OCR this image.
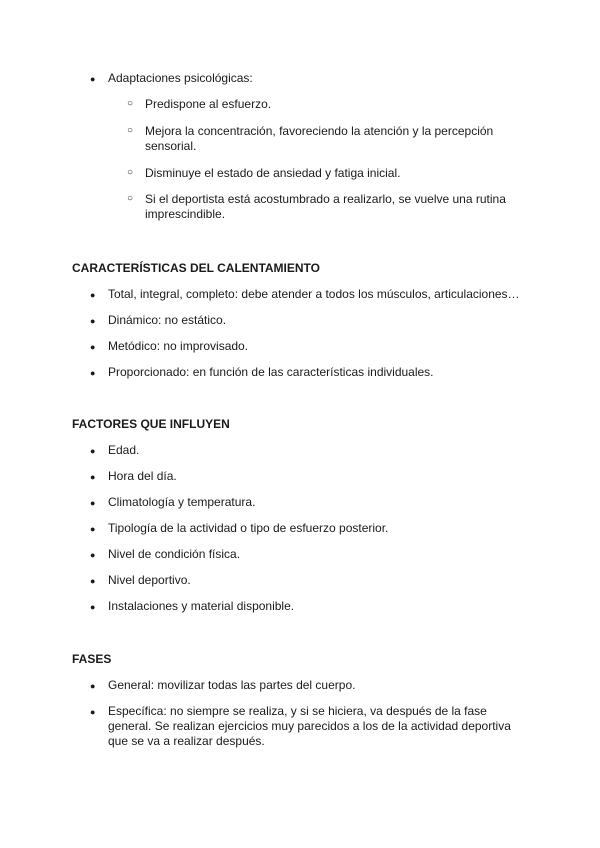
● Adaptaciones psicológicas:
○ Predispone al esfuerzo.
○ Mejora la concentración, favoreciendo la atención y la percepción
sensorial.
○ Disminuye el estado de ansiedad y fatiga inicial.
○ Si el deportista está acostumbrado a realizarlo, se vuelve una rutina
imprescindible.
CARACTERÍSTICAS DEL CALENTAMIENTO
● Total, integral, completo: debe atender a todos los músculos, articulaciones…
● Dinámico: no estático.
● Metódico: no improvisado.
● Proporcionado: en función de las características individuales.
FACTORES QUE INFLUYEN
● Edad.
● Hora del día.
● Climatología y temperatura.
● Tipología de la actividad o tipo de esfuerzo posterior.
● Nivel de condición física.
● Nivel deportivo.
● Instalaciones y material disponible.
FASES
● General: movilizar todas las partes del cuerpo.
● Específica: no siempre se realiza, y si se hiciera, va después de la fase
general. Se realizan ejercicios muy parecidos a los de la actividad deportiva
que se va a realizar después.
